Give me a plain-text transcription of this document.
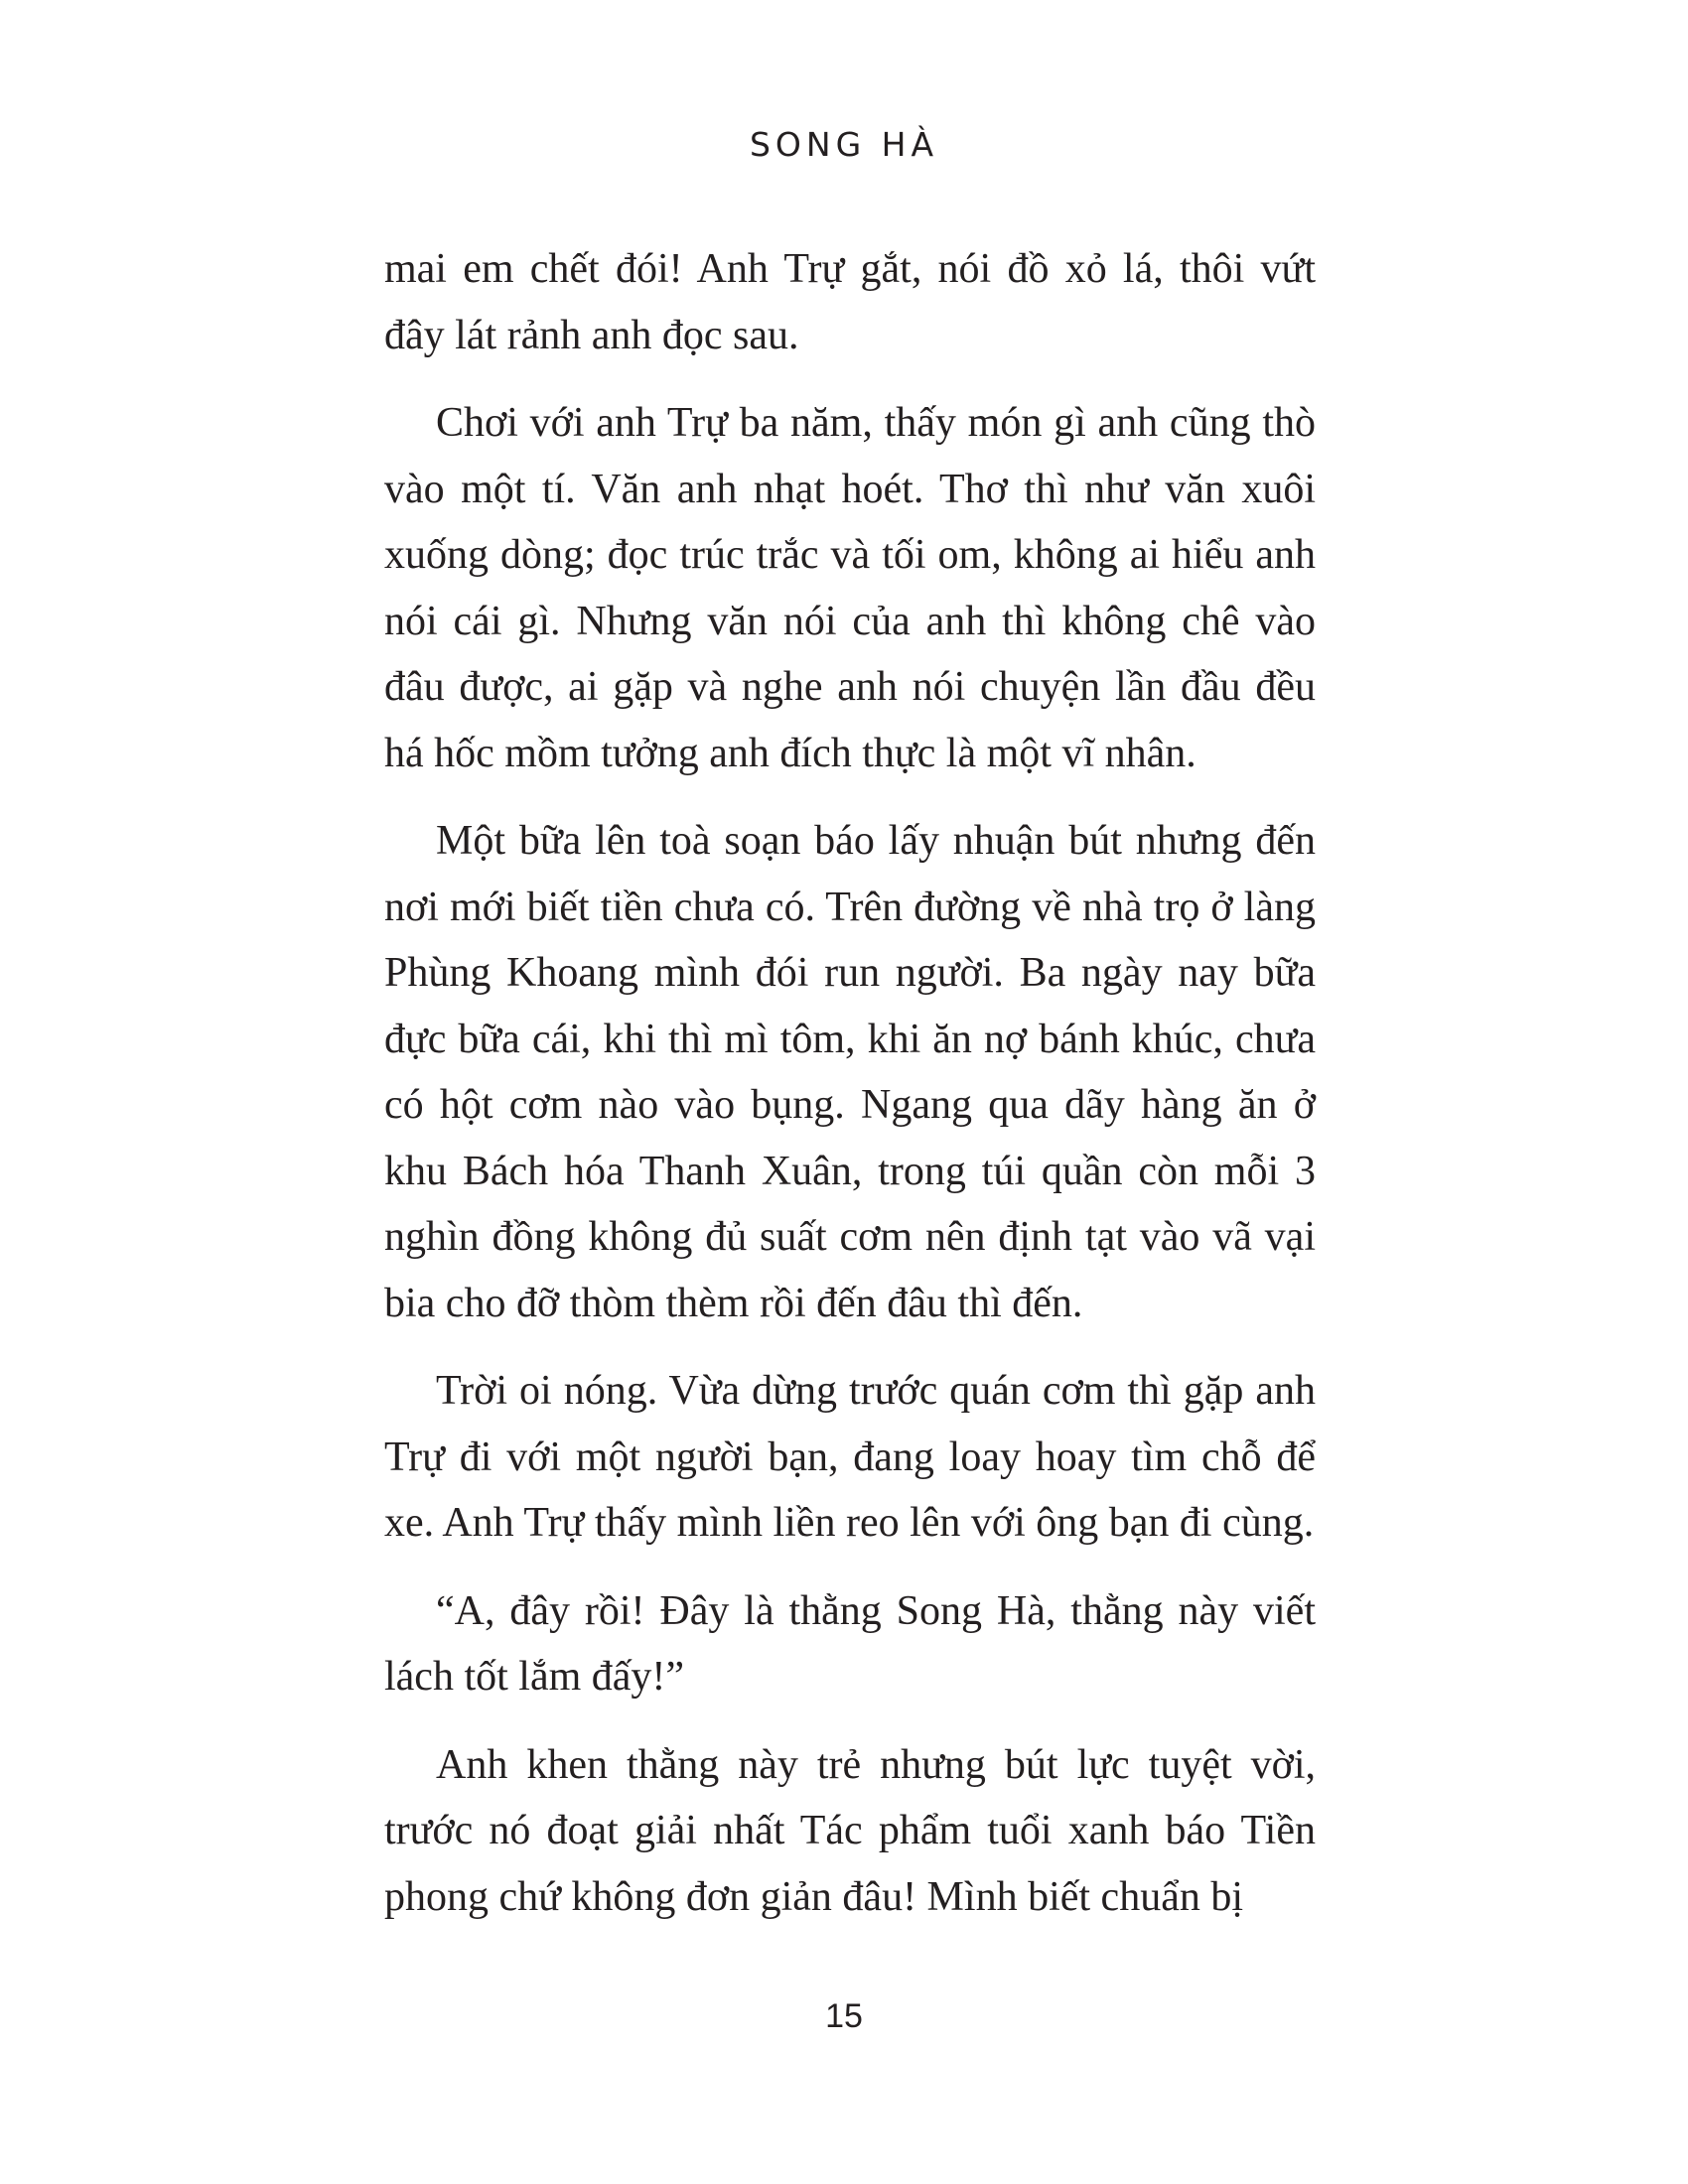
SONG HÀ

mai em chết đói! Anh Trự gắt, nói đồ xỏ lá, thôi vứt đây lát rảnh anh đọc sau.

Chơi với anh Trự ba năm, thấy món gì anh cũng thò vào một tí. Văn anh nhạt hoét. Thơ thì như văn xuôi xuống dòng; đọc trúc trắc và tối om, không ai hiểu anh nói cái gì. Nhưng văn nói của anh thì không chê vào đâu được, ai gặp và nghe anh nói chuyện lần đầu đều há hốc mồm tưởng anh đích thực là một vĩ nhân.

Một bữa lên toà soạn báo lấy nhuận bút nhưng đến nơi mới biết tiền chưa có. Trên đường về nhà trọ ở làng Phùng Khoang mình đói run người. Ba ngày nay bữa đực bữa cái, khi thì mì tôm, khi ăn nợ bánh khúc, chưa có hột cơm nào vào bụng. Ngang qua dãy hàng ăn ở khu Bách hóa Thanh Xuân, trong túi quần còn mỗi 3 nghìn đồng không đủ suất cơm nên định tạt vào vã vại bia cho đỡ thòm thèm rồi đến đâu thì đến.

Trời oi nóng. Vừa dừng trước quán cơm thì gặp anh Trự đi với một người bạn, đang loay hoay tìm chỗ để xe. Anh Trự thấy mình liền reo lên với ông bạn đi cùng.

“A, đây rồi! Đây là thằng Song Hà, thằng này viết lách tốt lắm đấy!”

Anh khen thằng này trẻ nhưng bút lực tuyệt vời, trước nó đoạt giải nhất Tác phẩm tuổi xanh báo Tiền phong chứ không đơn giản đâu! Mình biết chuẩn bị

15
